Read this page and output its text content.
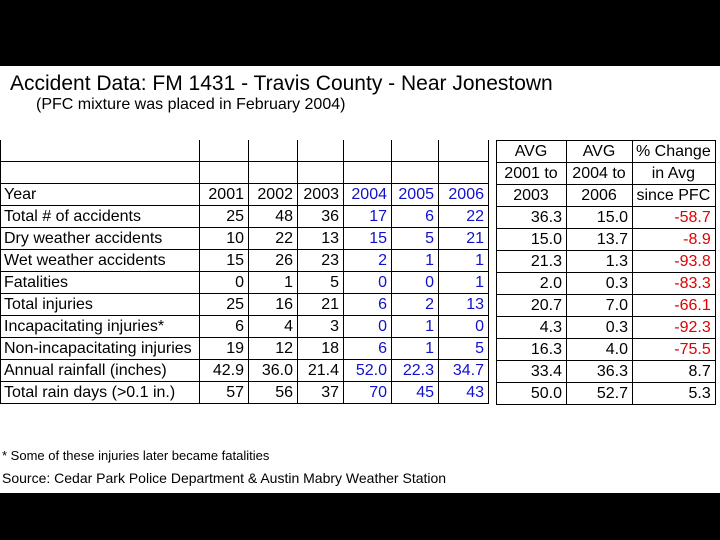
Accident Data: FM 1431 - Travis County - Near Jonestown
(PFC mixture was placed in February 2004)

Year	2001	2002	2003	2004	2005	2006
Total # of accidents	25	48	36	17	6	22
Dry weather accidents	10	22	13	15	5	21
Wet weather accidents	15	26	23	2	1	1
Fatalities	0	1	5	0	0	1
Total injuries	25	16	21	6	2	13
Incapacitating injuries*	6	4	3	0	1	0
Non-incapacitating injuries	19	12	18	6	1	5
Annual rainfall (inches)	42.9	36.0	21.4	52.0	22.3	34.7
Total rain days (>0.1 in.)	57	56	37	70	45	43
AVG	AVG	% Change
2001 to	2004 to	in Avg
2003	2006	since PFC
36.3	15.0	-58.7
15.0	13.7	-8.9
21.3	1.3	-93.8
2.0	0.3	-83.3
20.7	7.0	-66.1
4.3	0.3	-92.3
16.3	4.0	-75.5
33.4	36.3	8.7
50.0	52.7	5.3
* Some of these injuries later became fatalities
Source: Cedar Park Police Department & Austin Mabry Weather Station
